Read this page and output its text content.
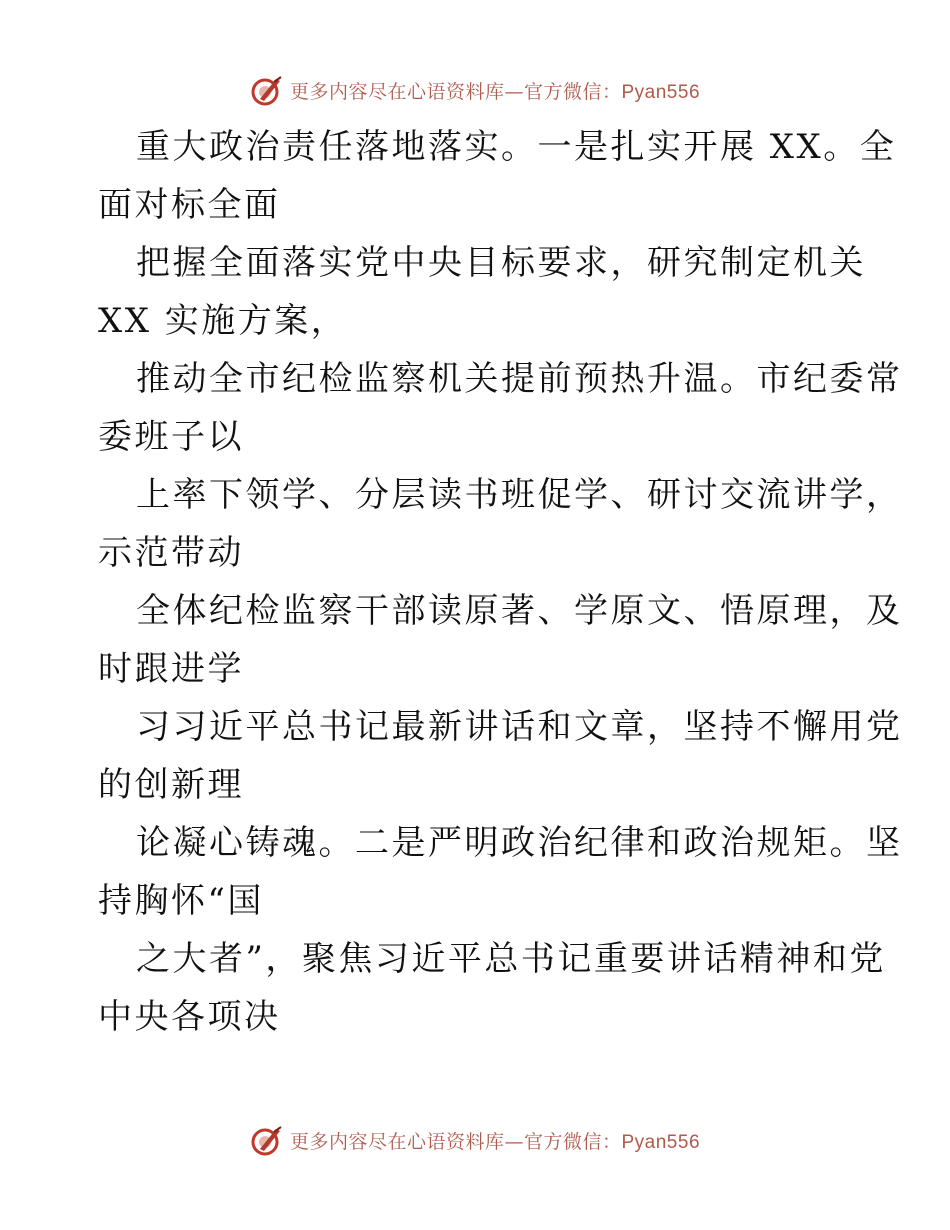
更多内容尽在心语资料库—官方微信：Pyan556

重大政治责任落地落实。一是扎实开展 XX。全

面对标全面

把握全面落实党中央目标要求，研究制定机关

XX 实施方案，

推动全市纪检监察机关提前预热升温。市纪委常

委班子以

上率下领学、分层读书班促学、研讨交流讲学，

示范带动

全体纪检监察干部读原著、学原文、悟原理，及

时跟进学

习习近平总书记最新讲话和文章，坚持不懈用党

的创新理

论凝心铸魂。二是严明政治纪律和政治规矩。坚

持胸怀“国

之大者”，聚焦习近平总书记重要讲话精神和党

中央各项决

更多内容尽在心语资料库—官方微信：Pyan556
